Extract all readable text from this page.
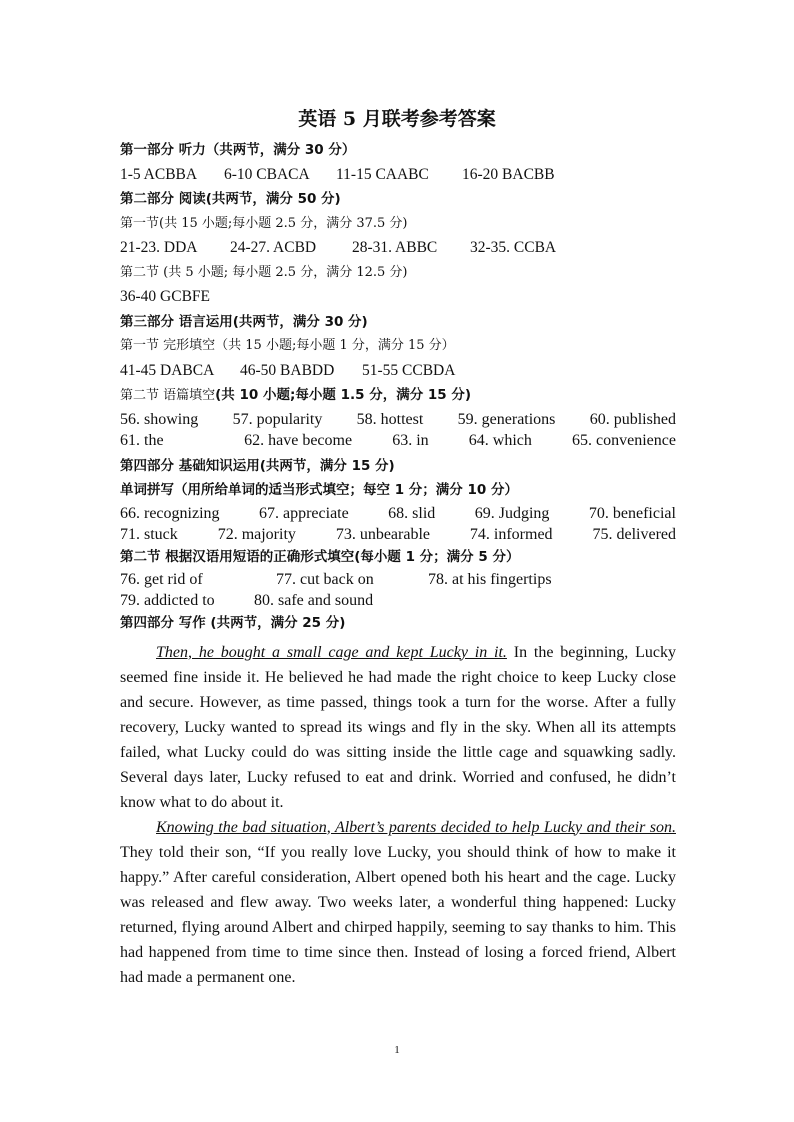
英语 5 月联考参考答案
第一部分 听力（共两节，满分 30 分）
1-5 ACBBA 6-10 CBACA 11-15 CAABC 16-20 BACBB
第二部分 阅读(共两节，满分 50 分)
第一节(共 15 小题;每小题 2.5 分，满分 37.5 分)
21-23. DDA 24-27. ACBD 28-31. ABBC 32-35. CCBA
第二节 (共 5 小题; 每小题 2.5 分，满分 12.5 分)
36-40 GCBFE
第三部分 语言运用(共两节，满分 30 分)
第一节 完形填空（共 15 小题;每小题 1 分，满分 15 分）
41-45 DABCA 46-50 BABDD 51-55 CCBDA
第二节 语篇填空(共 10 小题;每小题 1.5 分，满分 15 分)
56. showing 57. popularity 58. hottest 59. generations 60. published
61. the	62. have become	63. in	64. which	65. convenience
第四部分 基础知识运用(共两节，满分 15 分)
单词拼写（用所给单词的适当形式填空；每空 1 分；满分 10 分）
66. recognizing 67. appreciate 68. slid 69. Judging 70. beneficial
71. stuck 72. majority 73. unbearable 74. informed 75. delivered
第二节 根据汉语用短语的正确形式填空(每小题 1 分；满分 5 分）
76. get rid of	77. cut back on	78. at his fingertips
79. addicted to	80. safe and sound
第四部分 写作 (共两节，满分 25 分)

Then, he bought a small cage and kept Lucky in it. In the beginning, Lucky seemed fine inside it. He believed he had made the right choice to keep Lucky close and secure. However, as time passed, things took a turn for the worse. After a fully recovery, Lucky wanted to spread its wings and fly in the sky. When all its attempts failed, what Lucky could do was sitting inside the little cage and squawking sadly. Several days later, Lucky refused to eat and drink. Worried and confused, he didn’t know what to do about it.

Knowing the bad situation, Albert’s parents decided to help Lucky and their son. They told their son, “If you really love Lucky, you should think of how to make it happy.” After careful consideration, Albert opened both his heart and the cage. Lucky was released and flew away. Two weeks later, a wonderful thing happened: Lucky returned, flying around Albert and chirped happily, seeming to say thanks to him. This had happened from time to time since then. Instead of losing a forced friend, Albert had made a permanent one.

1
